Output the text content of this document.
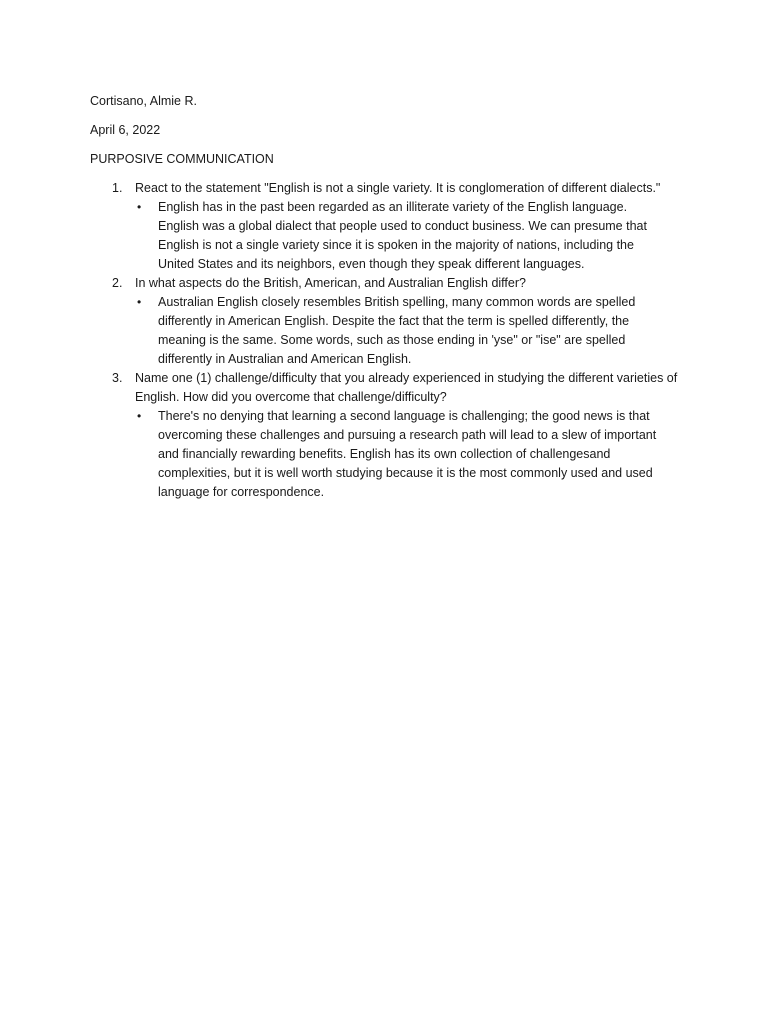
Cortisano, Almie R.

April 6, 2022

PURPOSIVE COMMUNICATION

1. React to the statement "English is not a single variety. It is conglomeration of different dialects."
• English has in the past been regarded as an illiterate variety of the English language. English was a global dialect that people used to conduct business. We can presume that English is not a single variety since it is spoken in the majority of nations, including the United States and its neighbors, even though they speak different languages.
2. In what aspects do the British, American, and Australian English differ?
• Australian English closely resembles British spelling, many common words are spelled differently in American English. Despite the fact that the term is spelled differently, the meaning is the same. Some words, such as those ending in 'yse" or "ise" are spelled differently in Australian and American English.
3. Name one (1) challenge/difficulty that you already experienced in studying the different varieties of English. How did you overcome that challenge/difficulty?
• There's no denying that learning a second language is challenging; the good news is that overcoming these challenges and pursuing a research path will lead to a slew of important and financially rewarding benefits. English has its own collection of challengesand complexities, but it is well worth studying because it is the most commonly used and used language for correspondence.
